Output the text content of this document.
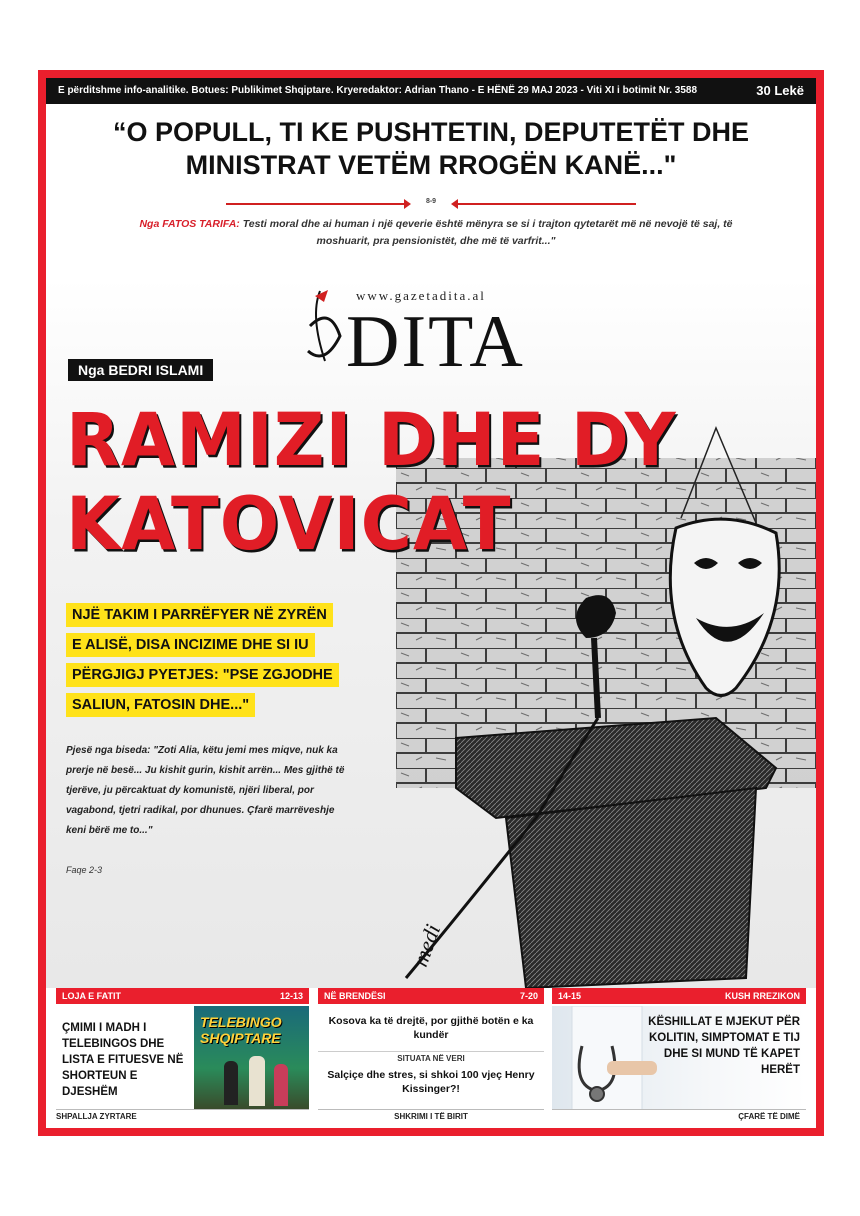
E përditshme info-analitike. Botues: Publikimet Shqiptare. Kryeredaktor: Adrian Thano - E HËNË 29 MAJ 2023 - Viti XI i botimit Nr. 3588	30 Lekë
“O POPULL, TI KE PUSHTETIN, DEPUTETËT DHE MINISTRAT VETËM RROGËN KANË..."
8-9
Nga FATOS TARIFA: Testi moral dhe ai human i një qeverie është mënyra se si i trajton qytetarët më në nevojë të saj, të moshuarit, pra pensionistët, dhe më të varfrit..."
medi
www.gazetadita.al
DITA
Nga BEDRI ISLAMI
RAMIZI DHE DY
KATOVICAT
NJË TAKIM I PARRËFYER NË ZYRËN
E ALISË, DISA INCIZIME DHE SI IU
PËRGJIGJ PYETJES: "PSE ZGJODHE
SALIUN, FATOSIN DHE..."
Pjesë nga biseda: "Zoti Alia, këtu jemi mes miqve, nuk ka prerje në besë... Ju kishit gurin, kishit arrën... Mes gjithë të tjerëve, ju përcaktuat dy komunistë, njëri liberal, por vagabond, tjetri radikal, por dhunues. Çfarë marrëveshje keni bërë me to..."
Faqe 2-3
LOJA E FATIT	12-13
ÇMIMI I MADH I TELEBINGOS DHE LISTA E FITUESVE NË SHORTEUN E DJESHËM
TELEBINGO SHQIPTARE
SHPALLJA ZYRTARE
NË BRENDËSI	7-20
Kosova ka të drejtë, por gjithë botën e ka kundër
SITUATA NË VERI
Salçiçe dhe stres, si shkoi 100 vjeç Henry Kissinger?!
SHKRIMI I TË BIRIT
14-15	KUSH RREZIKON
KËSHILLAT E MJEKUT PËR KOLITIN, SIMPTOMAT E TIJ DHE SI MUND TË KAPET HERËT
ÇFARË TË DIMË
